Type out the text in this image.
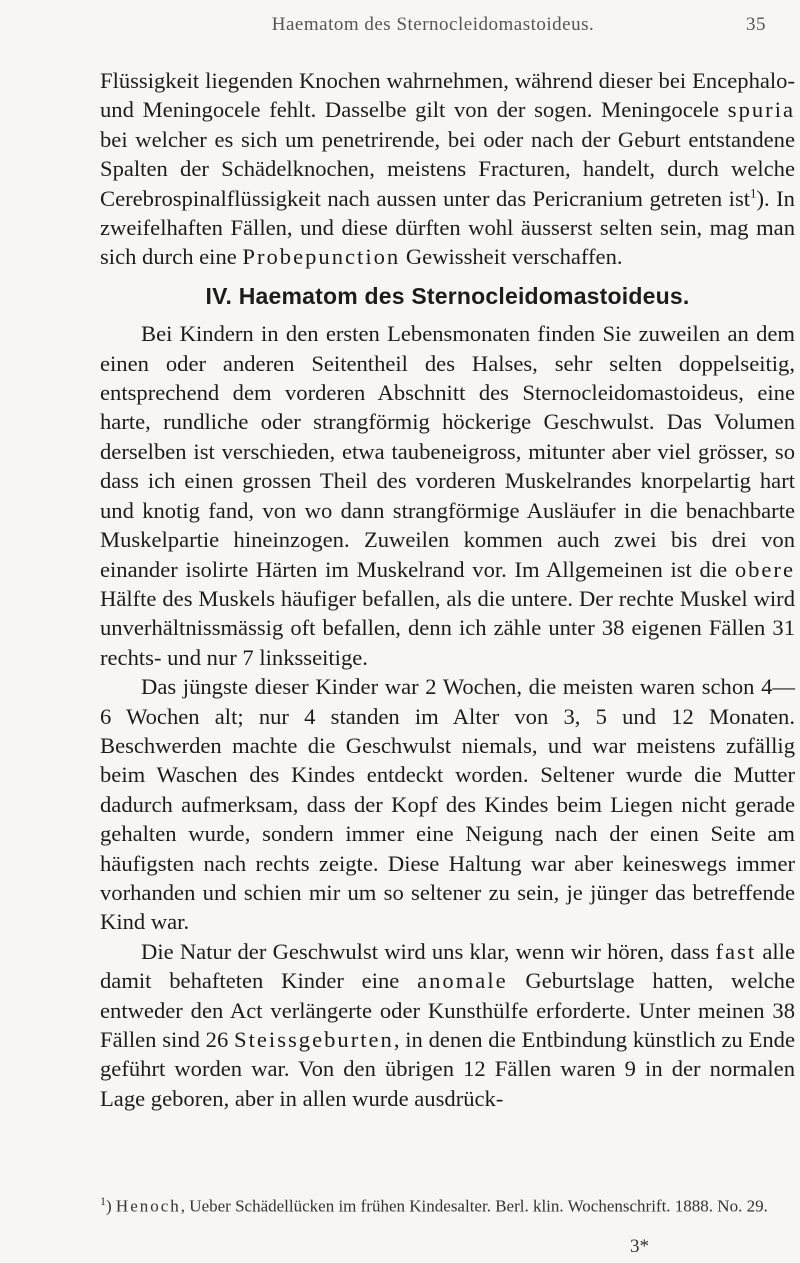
Haematom des Sternocleidomastoideus.	35

Flüssigkeit liegenden Knochen wahrnehmen, während dieser bei Encephalo- und Meningocele fehlt. Dasselbe gilt von der sogen. Meningocele spuria bei welcher es sich um penetrirende, bei oder nach der Geburt entstandene Spalten der Schädelknochen, meistens Fracturen, handelt, durch welche Cerebrospinalflüssigkeit nach aussen unter das Pericranium getreten ist$^1$). In zweifelhaften Fällen, und diese dürften wohl äusserst selten sein, mag man sich durch eine Probepunction Gewissheit verschaffen.

IV. Haematom des Sternocleidomastoideus.

Bei Kindern in den ersten Lebensmonaten finden Sie zuweilen an dem einen oder anderen Seitentheil des Halses, sehr selten doppelseitig, entsprechend dem vorderen Abschnitt des Sternocleidomastoideus, eine harte, rundliche oder strangförmig höckerige Geschwulst. Das Volumen derselben ist verschieden, etwa taubeneigross, mitunter aber viel grösser, so dass ich einen grossen Theil des vorderen Muskelrandes knorpelartig hart und knotig fand, von wo dann strangförmige Ausläufer in die benachbarte Muskelpartie hineinzogen. Zuweilen kommen auch zwei bis drei von einander isolirte Härten im Muskelrand vor. Im Allgemeinen ist die obere Hälfte des Muskels häufiger befallen, als die untere. Der rechte Muskel wird unverhältnissmässig oft befallen, denn ich zähle unter 38 eigenen Fällen 31 rechts- und nur 7 linksseitige.

Das jüngste dieser Kinder war 2 Wochen, die meisten waren schon 4—6 Wochen alt; nur 4 standen im Alter von 3, 5 und 12 Monaten. Beschwerden machte die Geschwulst niemals, und war meistens zufällig beim Waschen des Kindes entdeckt worden. Seltener wurde die Mutter dadurch aufmerksam, dass der Kopf des Kindes beim Liegen nicht gerade gehalten wurde, sondern immer eine Neigung nach der einen Seite am häufigsten nach rechts zeigte. Diese Haltung war aber keineswegs immer vorhanden und schien mir um so seltener zu sein, je jünger das betreffende Kind war.

Die Natur der Geschwulst wird uns klar, wenn wir hören, dass fast alle damit behafteten Kinder eine anomale Geburtslage hatten, welche entweder den Act verlängerte oder Kunsthülfe erforderte. Unter meinen 38 Fällen sind 26 Steissgeburten, in denen die Entbindung künstlich zu Ende geführt worden war. Von den übrigen 12 Fällen waren 9 in der normalen Lage geboren, aber in allen wurde ausdrück-

$^1$) Henoch, Ueber Schädellücken im frühen Kindesalter. Berl. klin. Wochenschrift. 1888. No. 29.
3*
